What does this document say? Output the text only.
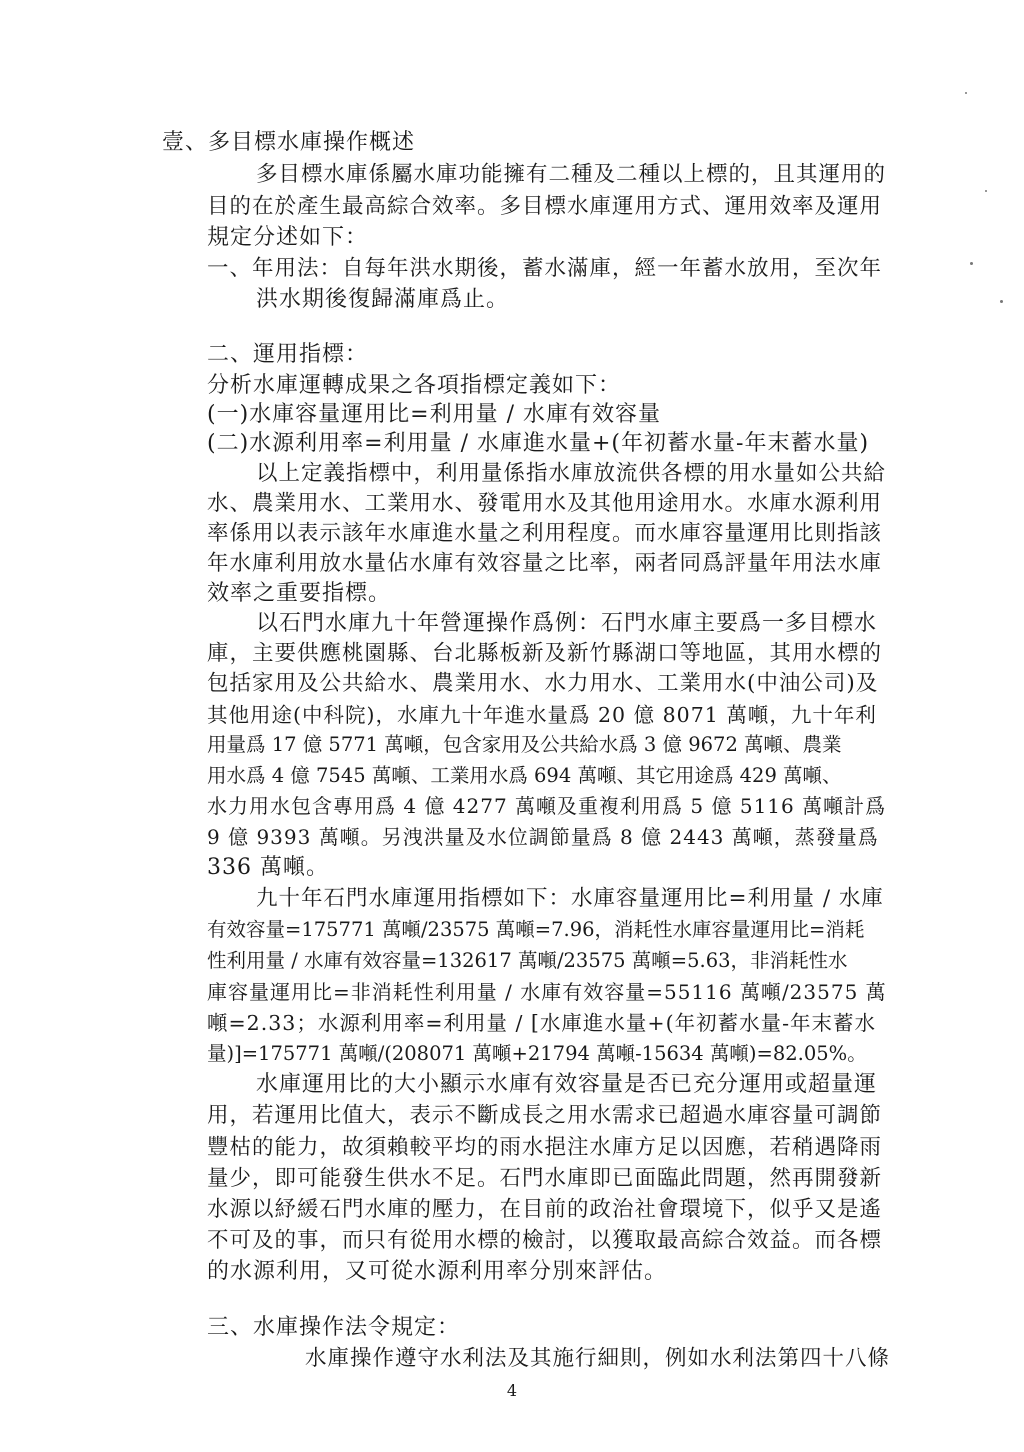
壹、多目標水庫操作概述

多目標水庫係屬水庫功能擁有二種及二種以上標的，且其運用的

目的在於產生最高綜合效率。多目標水庫運用方式、運用效率及運用

規定分述如下：

一、年用法：自每年洪水期後，蓄水滿庫，經一年蓄水放用，至次年

洪水期後復歸滿庫爲止。

二、運用指標：

分析水庫運轉成果之各項指標定義如下：

(一)水庫容量運用比=利用量 / 水庫有效容量

(二)水源利用率=利用量 / 水庫進水量+(年初蓄水量-年末蓄水量)

以上定義指標中，利用量係指水庫放流供各標的用水量如公共給

水、農業用水、工業用水、發電用水及其他用途用水。水庫水源利用

率係用以表示該年水庫進水量之利用程度。而水庫容量運用比則指該

年水庫利用放水量佔水庫有效容量之比率，兩者同爲評量年用法水庫

效率之重要指標。

以石門水庫九十年營運操作爲例：石門水庫主要爲一多目標水

庫，主要供應桃園縣、台北縣板新及新竹縣湖口等地區，其用水標的

包括家用及公共給水、農業用水、水力用水、工業用水(中油公司)及

其他用途(中科院)，水庫九十年進水量爲 20 億 8071 萬噸，九十年利

用量爲 17 億 5771 萬噸，包含家用及公共給水爲 3 億 9672 萬噸、農業

用水爲 4 億 7545 萬噸、工業用水爲 694 萬噸、其它用途爲 429 萬噸、

水力用水包含專用爲 4 億 4277 萬噸及重複利用爲 5 億 5116 萬噸計爲

9 億 9393 萬噸。另洩洪量及水位調節量爲 8 億 2443 萬噸，蒸發量爲

336 萬噸。

九十年石門水庫運用指標如下：水庫容量運用比=利用量 / 水庫

有效容量=175771 萬噸/23575 萬噸=7.96，消耗性水庫容量運用比=消耗

性利用量 / 水庫有效容量=132617 萬噸/23575 萬噸=5.63，非消耗性水

庫容量運用比=非消耗性利用量 / 水庫有效容量=55116 萬噸/23575 萬

噸=2.33；水源利用率=利用量 / [水庫進水量+(年初蓄水量-年末蓄水

量)]=175771 萬噸/(208071 萬噸+21794 萬噸-15634 萬噸)=82.05%。

水庫運用比的大小顯示水庫有效容量是否已充分運用或超量運

用，若運用比值大，表示不斷成長之用水需求已超過水庫容量可調節

豐枯的能力，故須賴較平均的雨水挹注水庫方足以因應，若稍遇降雨

量少，即可能發生供水不足。石門水庫即已面臨此問題，然再開發新

水源以紓緩石門水庫的壓力，在目前的政治社會環境下，似乎又是遙

不可及的事，而只有從用水標的檢討，以獲取最高綜合效益。而各標

的水源利用，又可從水源利用率分別來評估。

三、水庫操作法令規定：

水庫操作遵守水利法及其施行細則，例如水利法第四十八條

4
